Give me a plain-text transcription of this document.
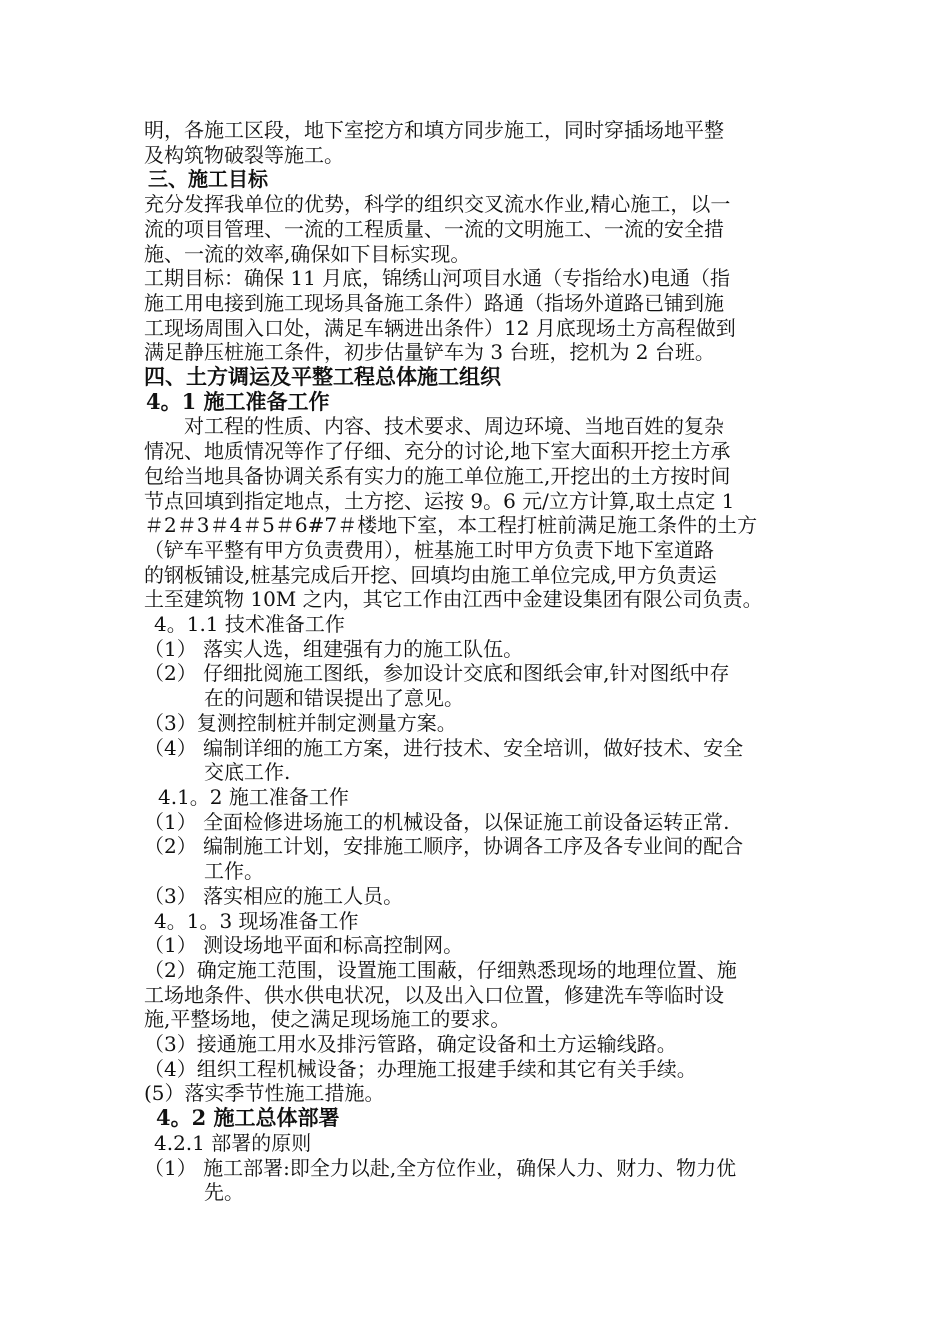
明，各施工区段，地下室挖方和填方同步施工，同时穿插场地平整
及构筑物破裂等施工。
三、施工目标
充分发挥我单位的优势，科学的组织交叉流水作业,精心施工，以一
流的项目管理、一流的工程质量、一流的文明施工、一流的安全措
施、一流的效率,确保如下目标实现。
工期目标：确保 11 月底，锦绣山河项目水通（专指给水)电通（指
施工用电接到施工现场具备施工条件）路通（指场外道路已铺到施
工现场周围入口处，满足车辆进出条件）12 月底现场土方高程做到
满足静压桩施工条件，初步估量铲车为 3 台班，挖机为 2 台班。
四、土方调运及平整工程总体施工组织
4。1 施工准备工作
对工程的性质、内容、技术要求、周边环境、当地百姓的复杂
情况、地质情况等作了仔细、充分的讨论,地下室大面积开挖土方承
包给当地具备协调关系有实力的施工单位施工,开挖出的土方按时间
节点回填到指定地点，土方挖、运按 9。6 元/立方计算,取土点定 1
＃2＃3＃4＃5＃6#7＃楼地下室，本工程打桩前满足施工条件的土方
（铲车平整有甲方负责费用），桩基施工时甲方负责下地下室道路
的钢板铺设,桩基完成后开挖、回填均由施工单位完成,甲方负责运
土至建筑物 10M 之内，其它工作由江西中金建设集团有限公司负责。
4。1.1 技术准备工作
（1） 落实人选，组建强有力的施工队伍。
（2） 仔细批阅施工图纸，参加设计交底和图纸会审,针对图纸中存
在的问题和错误提出了意见。
（3）复测控制桩并制定测量方案。
（4） 编制详细的施工方案，进行技术、安全培训，做好技术、安全
交底工作.
4.1。2 施工准备工作
（1） 全面检修进场施工的机械设备，以保证施工前设备运转正常.
（2） 编制施工计划，安排施工顺序，协调各工序及各专业间的配合
工作。
（3） 落实相应的施工人员。
4。1。3 现场准备工作
（1） 测设场地平面和标高控制网。
（2）确定施工范围，设置施工围蔽，仔细熟悉现场的地理位置、施
工场地条件、供水供电状况，以及出入口位置，修建洗车等临时设
施,平整场地，使之满足现场施工的要求。
（3）接通施工用水及排污管路，确定设备和土方运输线路。
（4）组织工程机械设备；办理施工报建手续和其它有关手续。
(5）落实季节性施工措施。
4。2 施工总体部署
4.2.1 部署的原则
（1） 施工部署:即全力以赴,全方位作业，确保人力、财力、物力优
先。
